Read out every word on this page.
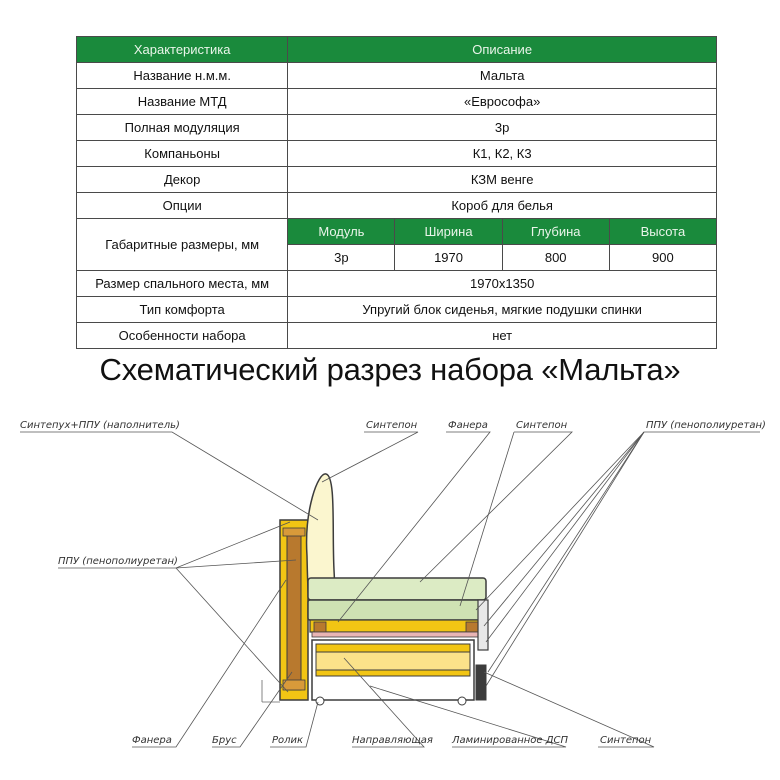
Характеристика	Описание			
Название н.м.м.	Мальта			
Название МТД	«Еврософа»			
Полная модуляция	3р			
Компаньоны	К1, К2, К3			
Декор	КЗМ венге			
Опции	Короб для белья			
Габаритные размеры, мм	Модуль	Ширина	Глубина	Высота
	3р	1970	800	900
Размер спального места, мм	1970х1350			
Тип комфорта	Упругий блок сиденья, мягкие подушки спинки			
Особенности набора	нет			
Схематический разрез набора «Мальта»
Синтепух+ППУ (наполнитель)	Синтепон	Фанера	Синтепон	ППУ (пенополиуретан)
ППУ (пенополиуретан)
Фанера	Брус	Ролик	Направляющая Ламинированное ДСП	Синтепон
